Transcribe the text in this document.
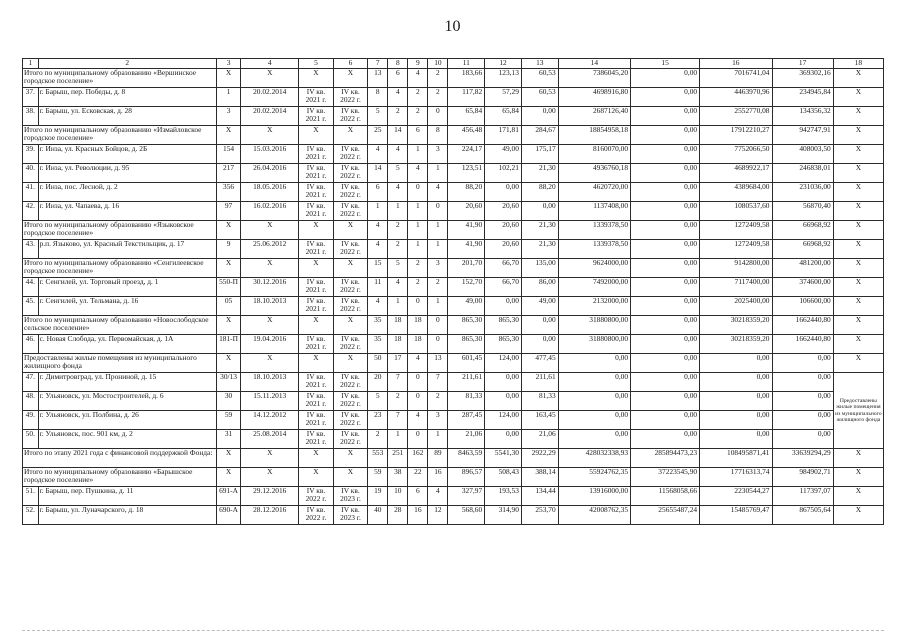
10
1	2	3	4	5	6	7	8	9	10	11	12	13	14	15	16	17	18
Итого по муниципальному образованию «Вершинское городское поселение»		X	X	X	X	13	6	4	2	183,66	123,13	60,53	7386045,20	0,00	7016741,04	369302,16	X
37.	г. Барыш, пер. Победы, д. 8	1	20.02.2014	IV кв. 2021 г.	IV кв. 2022 г.	8	4	2	2	117,82	57,29	60,53	4698916,80	0,00	4463970,96	234945,84	X
38.	г. Барыш, ул. Есковская, д. 28	3	20.02.2014	IV кв. 2021 г.	IV кв. 2022 г.	5	2	2	0	65,84	65,84	0,00	2687126,40	0,00	2552770,08	134356,32	X
Итого по муниципальному образованию «Измайловское городское поселение»		X	X	X	X	25	14	6	8	456,48	171,81	284,67	18854958,18	0,00	17912210,27	942747,91	X
39.	г. Инза, ул. Красных Бойцов, д. 2Б	154	15.03.2016	IV кв. 2021 г.	IV кв. 2022 г.	4	4	1	3	224,17	49,00	175,17	8160070,00	0,00	7752066,50	408003,50	X
40.	г. Инза, ул. Революции, д. 95	217	26.04.2016	IV кв. 2021 г.	IV кв. 2022 г.	14	5	4	1	123,51	102,21	21,30	4936760,18	0,00	4689922,17	246838,01	X
41.	г. Инза, пос. Лесной, д. 2	356	18.05.2016	IV кв. 2021 г.	IV кв. 2022 г.	6	4	0	4	88,20	0,00	88,20	4620720,00	0,00	4389684,00	231036,00	X
42.	г. Инза, ул. Чапаева, д. 16	97	16.02.2016	IV кв. 2021 г.	IV кв. 2022 г.	1	1	1	0	20,60	20,60	0,00	1137408,00	0,00	1080537,60	56870,40	X
Итого по муниципальному образованию «Языковское городское поселение»		X	X	X	X	4	2	1	1	41,90	20,60	21,30	1339378,50	0,00	1272409,58	66968,92	X
43.	р.п. Языково, ул. Красный Текстильщик, д. 17	9	25.06.2012	IV кв. 2021 г.	IV кв. 2022 г.	4	2	1	1	41,90	20,60	21,30	1339378,50	0,00	1272409,58	66968,92	X
Итого по муниципальному образованию «Сенгилеевское городское поселение»		X	X	X	X	15	5	2	3	201,70	66,70	135,00	9624000,00	0,00	9142800,00	481200,00	X
44.	г. Сенгилей, ул. Торговый проезд, д. 1	550-П	30.12.2016	IV кв. 2021 г.	IV кв. 2022 г.	11	4	2	2	152,70	66,70	86,00	7492000,00	0,00	7117400,00	374600,00	X
45.	г. Сенгилей, ул. Тельмана, д. 16	05	18.10.2013	IV кв. 2021 г.	IV кв. 2022 г.	4	1	0	1	49,00	0,00	49,00	2132000,00	0,00	2025400,00	106600,00	X
Итого по муниципальному образованию «Новослободское сельское поселение»		X	X	X	X	35	18	18	0	865,30	865,30	0,00	31880800,00	0,00	30218359,20	1662440,80	X
46.	с. Новая Слобода, ул. Первомайская, д. 1А	181-П	19.04.2016	IV кв. 2021 г.	IV кв. 2022 г.	35	18	18	0	865,30	865,30	0,00	31880800,00	0,00	30218359,20	1662440,80	X
Предоставлены жилые помещения из муниципального жилищного фонда		X	X	X	X	50	17	4	13	601,45	124,00	477,45	0,00	0,00	0,00	0,00	X
47.	г. Димитровград, ул. Прониной, д. 15	30/13	18.10.2013	IV кв. 2021 г.	IV кв. 2022 г.	20	7	0	7	211,61	0,00	211,61	0,00	0,00	0,00	0,00	Предоставлены жилые помещения из муниципального жилищного фонда
48.	г. Ульяновск, ул. Мостостроителей, д. 6	30	15.11.2013	IV кв. 2021 г.	IV кв. 2022 г.	5	2	0	2	81,33	0,00	81,33	0,00	0,00	0,00	0,00	
49.	г. Ульяновск, ул. Полбина, д. 26	59	14.12.2012	IV кв. 2021 г.	IV кв. 2022 г.	23	7	4	3	287,45	124,00	163,45	0,00	0,00	0,00	0,00	
50.	г. Ульяновск, пос. 901 км, д. 2	31	25.08.2014	IV кв. 2021 г.	IV кв. 2022 г.	2	1	0	1	21,06	0,00	21,06	0,00	0,00	0,00	0,00	
Итого по этапу 2021 года с финансовой поддержкой Фонда:		X	X	X	X	553	251	162	89	8463,59	5541,30	2922,29	428032338,93	285894473,23	108495871,41	33639294,29	X
Итого по муниципальному образованию «Барышское городское поселение»		X	X	X	X	59	38	22	16	896,57	508,43	388,14	55924762,35	37223545,90	17716313,74	984902,71	X
51.	г. Барыш, пер. Пушкина, д. 11	691-А	29.12.2016	IV кв. 2022 г.	IV кв. 2023 г.	19	10	6	4	327,97	193,53	134,44	13916000,00	11568058,66	2230544,27	117397,07	X
52.	г. Барыш, ул. Луначарского, д. 18	690-А	28.12.2016	IV кв. 2022 г.	IV кв. 2023 г.	40	28	16	12	568,60	314,90	253,70	42008762,35	25655487,24	15485769,47	867505,64	X
